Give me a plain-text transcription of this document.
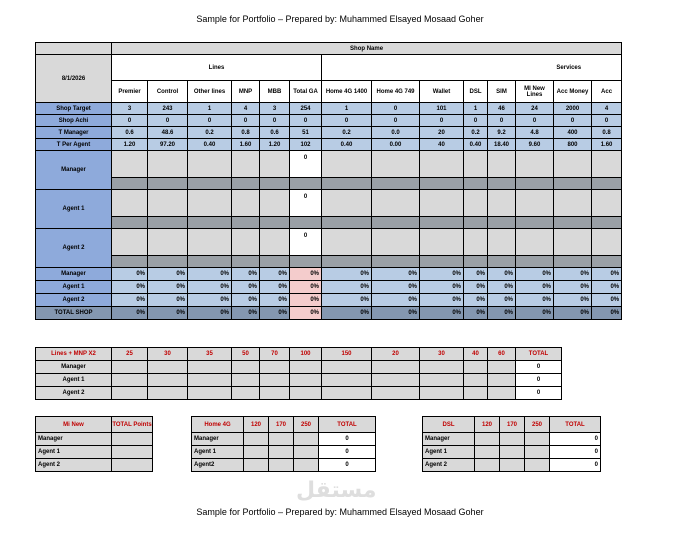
Sample for Portfolio – Prepared by: Muhammed Elsayed Mosaad Goher
	Shop Name													
8/1/2026	Lines						Services							
	Premier	Control	Other lines	MNP	MBB	Total GA	Home 4G 1400	Home 4G 749	Wallet	DSL	SIM	MI New Lines	Acc Money	Acc
Shop Target	3	243	1	4	3	254	1	0	101	1	46	24	2000	4
Shop Achi	0	0	0	0	0	0	0	0	0	0	0	0	0	0
T Manager	0.6	48.6	0.2	0.8	0.6	51	0.2	0.0	20	0.2	9.2	4.8	400	0.8
T Per Agent	1.20	97.20	0.40	1.60	1.20	102	0.40	0.00	40	0.40	18.40	9.60	800	1.60
Manager						0								

Agent 1						0								

Agent 2						0								

Manager	0%	0%	0%	0%	0%	0%	0%	0%	0%	0%	0%	0%	0%	0%
Agent 1	0%	0%	0%	0%	0%	0%	0%	0%	0%	0%	0%	0%	0%	0%
Agent 2	0%	0%	0%	0%	0%	0%	0%	0%	0%	0%	0%	0%	0%	0%
TOTAL SHOP	0%	0%	0%	0%	0%	0%	0%	0%	0%	0%	0%	0%	0%	0%
Lines + MNP X2	25	30	35	50	70	100	150	20	30	40	60	TOTAL
Manager												0
Agent 1												0
Agent 2												0
Mi New	TOTAL Points
Manager	
Agent 1	
Agent 2	
Home 4G	120	170	250	TOTAL
Manager				0
Agent 1				0
Agent2				0
DSL	120	170	250	TOTAL
Manager				0
Agent 1				0
Agent 2				0
مستقل
Sample for Portfolio – Prepared by: Muhammed Elsayed Mosaad Goher
